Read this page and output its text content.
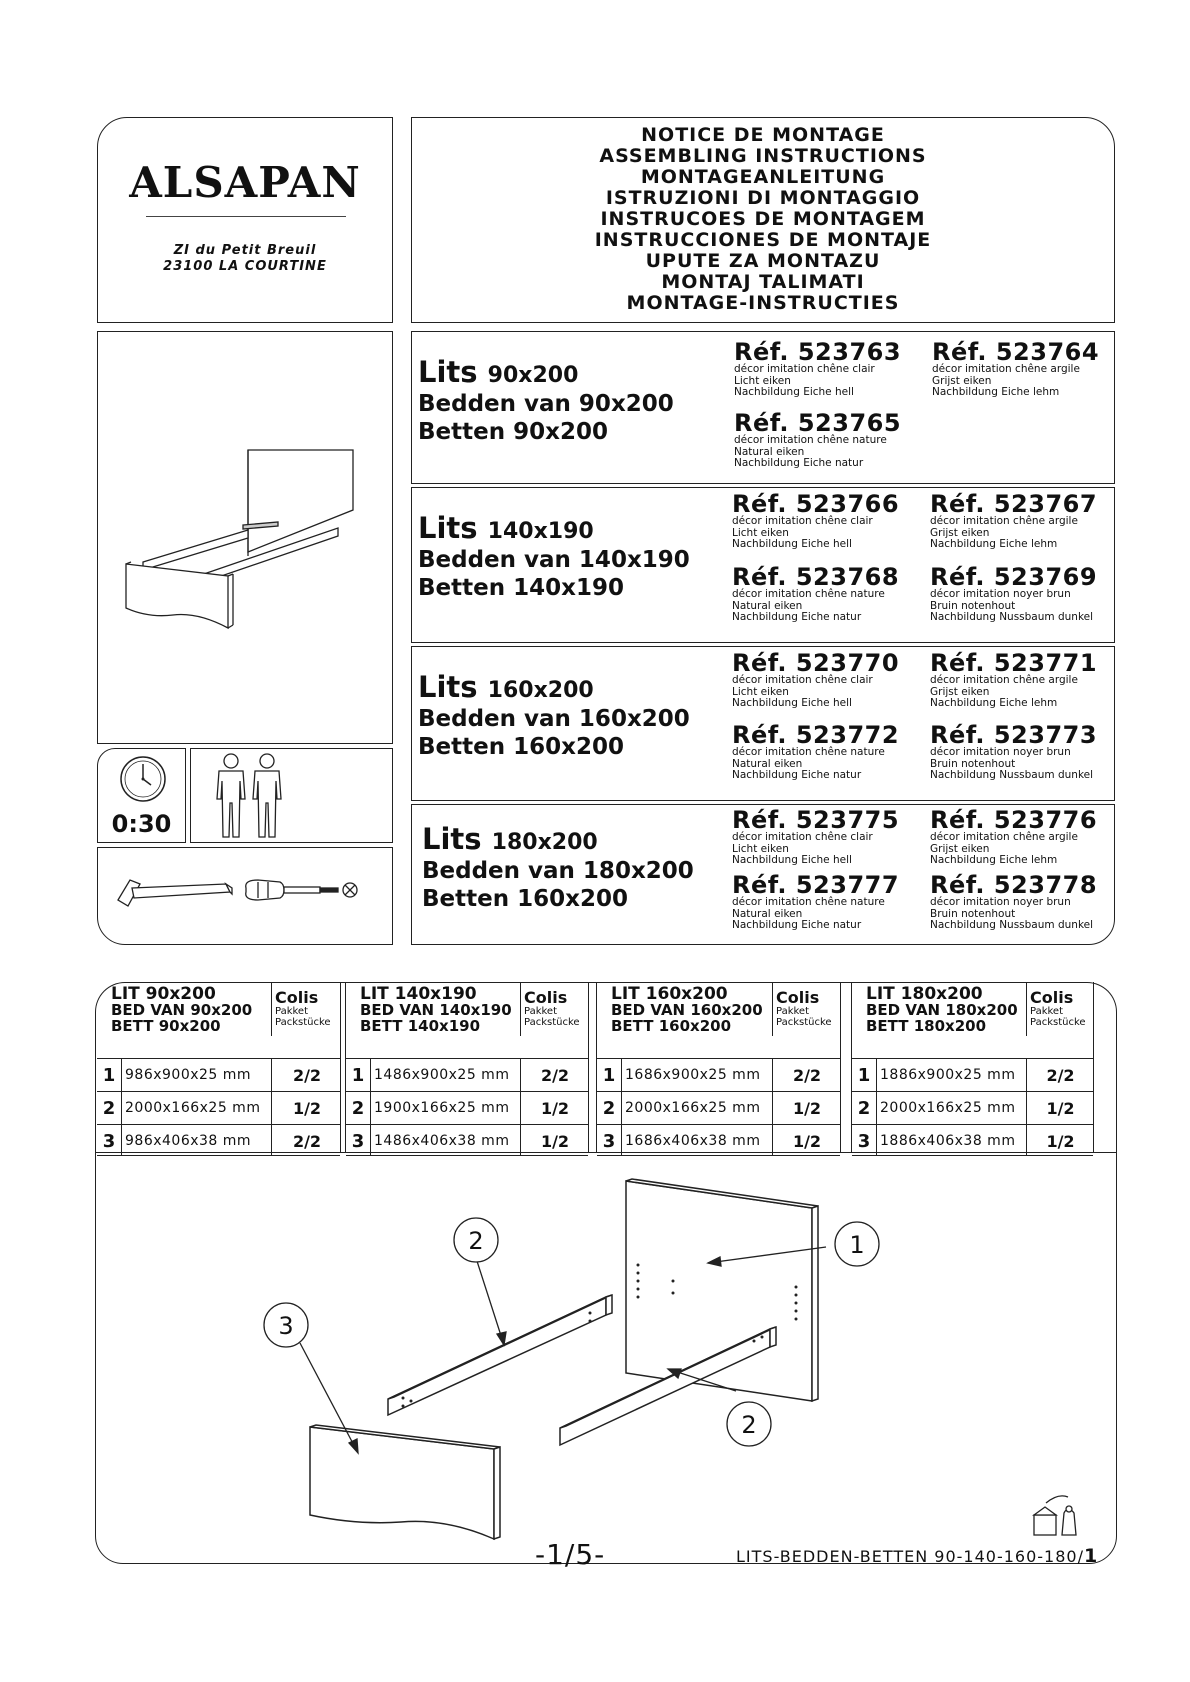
ALSAPAN
ZI du Petit Breuil
23100 LA COURTINE
NOTICE DE MONTAGE
ASSEMBLING INSTRUCTIONS
MONTAGEANLEITUNG
ISTRUZIONI DI MONTAGGIO
INSTRUCOES DE MONTAGEM
INSTRUCCIONES DE MONTAJE
UPUTE ZA MONTAZU
MONTAJ TALIMATI
MONTAGE-INSTRUCTIES
0:30
Lits 90x200
Bedden van 90x200
Betten 90x200
Réf. 523763
décor imitation chêne clair
Licht eiken
Nachbildung Eiche hell
Réf. 523764
décor imitation chêne argile
Grijst eiken
Nachbildung Eiche lehm
Réf. 523765
décor imitation chêne nature
Natural eiken
Nachbildung Eiche natur
Lits 140x190
Bedden van 140x190
Betten 140x190
Réf. 523766
décor imitation chêne clair
Licht eiken
Nachbildung Eiche hell
Réf. 523767
décor imitation chêne argile
Grijst eiken
Nachbildung Eiche lehm
Réf. 523768
décor imitation chêne nature
Natural eiken
Nachbildung Eiche natur
Réf. 523769
décor imitation noyer brun
Bruin notenhout
Nachbildung Nussbaum dunkel
Lits 160x200
Bedden van 160x200
Betten 160x200
Réf. 523770
décor imitation chêne clair
Licht eiken
Nachbildung Eiche hell
Réf. 523771
décor imitation chêne argile
Grijst eiken
Nachbildung Eiche lehm
Réf. 523772
décor imitation chêne nature
Natural eiken
Nachbildung Eiche natur
Réf. 523773
décor imitation noyer brun
Bruin notenhout
Nachbildung Nussbaum dunkel
Lits 180x200
Bedden van 180x200
Betten 160x200
Réf. 523775
décor imitation chêne clair
Licht eiken
Nachbildung Eiche hell
Réf. 523776
décor imitation chêne argile
Grijst eiken
Nachbildung Eiche lehm
Réf. 523777
décor imitation chêne nature
Natural eiken
Nachbildung Eiche natur
Réf. 523778
décor imitation noyer brun
Bruin notenhout
Nachbildung Nussbaum dunkel
LIT 90x200
BED VAN 90x200
BETT 90x200
Colis
Pakket
Packstücke
1 986x900x25 mm	2/2
2 2000x166x25 mm	1/2
3 986x406x38 mm	2/2
LIT 140x190
BED VAN 140x190
BETT 140x190
Colis
Pakket
Packstücke
1 1486x900x25 mm	2/2
2 1900x166x25 mm	1/2
3 1486x406x38 mm	1/2
LIT 160x200
BED VAN 160x200
BETT 160x200
Colis
Pakket
Packstücke
1 1686x900x25 mm	2/2
2 2000x166x25 mm	1/2
3 1686x406x38 mm	1/2
LIT 180x200
BED VAN 180x200
BETT 180x200
Colis
Pakket
Packstücke
1 1886x900x25 mm	2/2
2 2000x166x25 mm	1/2
3 1886x406x38 mm	1/2
1
2
3
2
-1/5-	LITS-BEDDEN-BETTEN 90-140-160-180/1
